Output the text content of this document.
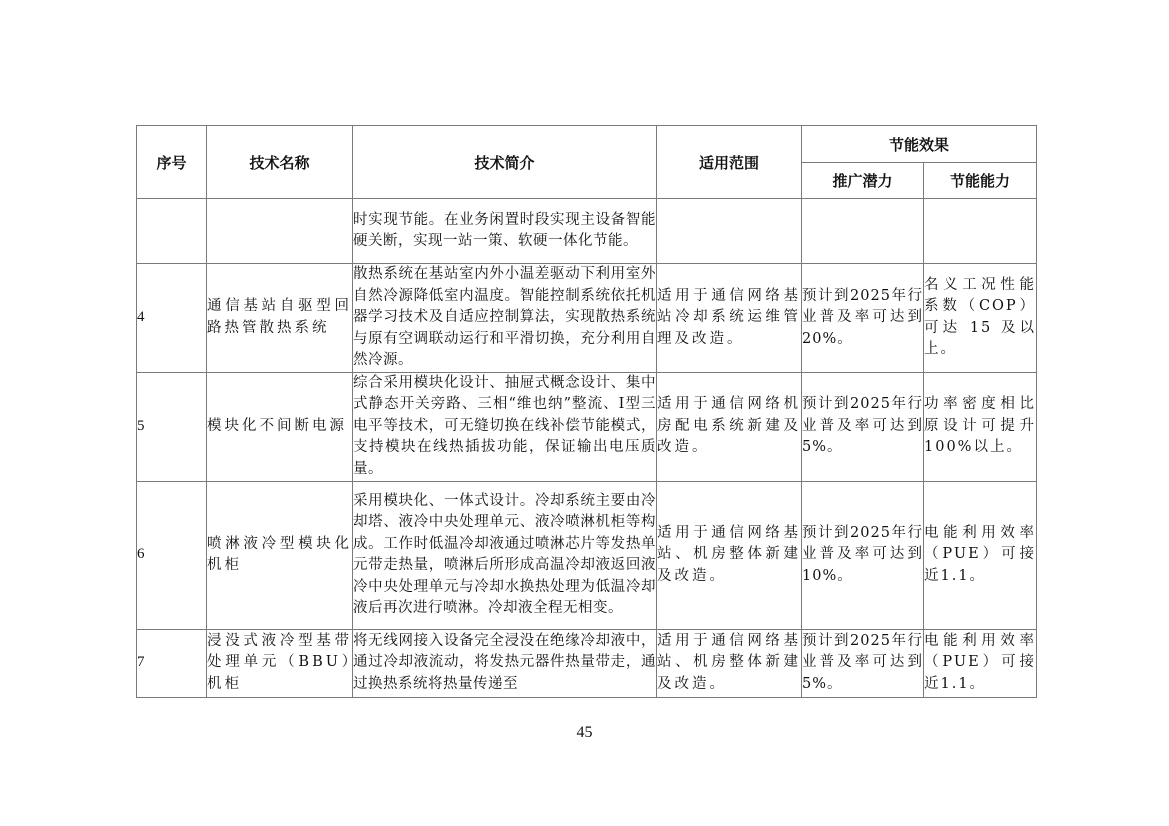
序号	技术名称	技术简介	适用范围	节能效果	
				推广潜力	节能能力
		时实现节能。在业务闲置时段实现主设备智能硬关断，实现一站一策、软硬一体化节能。			
4	通信基站自驱型回路热管散热系统	散热系统在基站室内外小温差驱动下利用室外自然冷源降低室内温度。智能控制系统依托机器学习技术及自适应控制算法，实现散热系统与原有空调联动运行和平滑切换，充分利用自然冷源。	适用于通信网络基站冷却系统运维管理及改造。	预计到2025年行业普及率可达到20%。	名义工况性能系数（COP）可达 15 及以上。
5	模块化不间断电源	综合采用模块化设计、抽屉式概念设计、集中式静态开关旁路、三相“维也纳”整流、I型三电平等技术，可无缝切换在线补偿节能模式，支持模块在线热插拔功能，保证输出电压质量。	适用于通信网络机房配电系统新建及改造。	预计到2025年行业普及率可达到5%。	功率密度相比原设计可提升 100%以上。
6	喷淋液冷型模块化机柜	采用模块化、一体式设计。冷却系统主要由冷却塔、液冷中央处理单元、液冷喷淋机柜等构成。工作时低温冷却液通过喷淋芯片等发热单元带走热量，喷淋后所形成高温冷却液返回液冷中央处理单元与冷却水换热处理为低温冷却液后再次进行喷淋。冷却液全程无相变。	适用于通信网络基站、机房整体新建及改造。	预计到2025年行业普及率可达到10%。	电能利用效率（PUE）可接近1.1。
7	浸没式液冷型基带处理单元（BBU）机柜	将无线网接入设备完全浸没在绝缘冷却液中，通过冷却液流动，将发热元器件热量带走，通过换热系统将热量传递至	适用于通信网络基站、机房整体新建及改造。	预计到2025年行业普及率可达到5%。	电能利用效率（PUE）可接近1.1。
45
